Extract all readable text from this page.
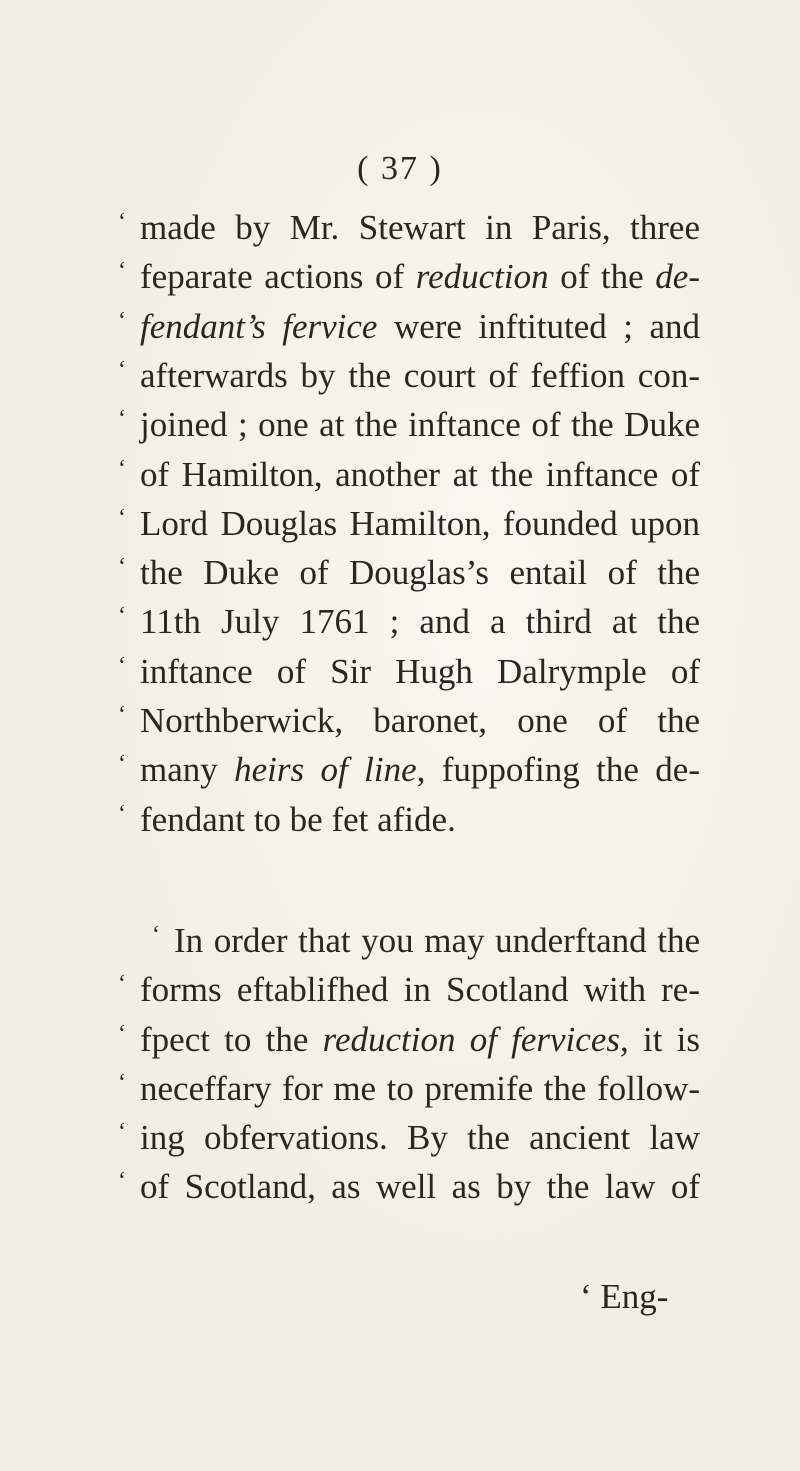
( 37 )
‘ made by Mr. Stewart in Paris, three
‘ feparate actions of reduction of the de-
‘ fendant’s fervice were inftituted ; and
‘ afterwards by the court of feffion con-
‘ joined ; one at the inftance of the Duke
‘ of Hamilton, another at the inftance of
‘ Lord Douglas Hamilton, founded upon
‘ the Duke of Douglas’s entail of the
‘ 11th July 1761 ; and a third at the
‘ inftance of Sir Hugh Dalrymple of
‘ Northberwick, baronet, one of the
‘ many heirs of line, fuppofing the de-
‘ fendant to be fet afide.
‘ In order that you may underftand the
‘ forms eftablifhed in Scotland with re-
‘ fpect to the reduction of fervices, it is
‘ neceffary for me to premife the follow-
‘ ing obfervations. By the ancient law
‘ of Scotland, as well as by the law of
‘ Eng-
